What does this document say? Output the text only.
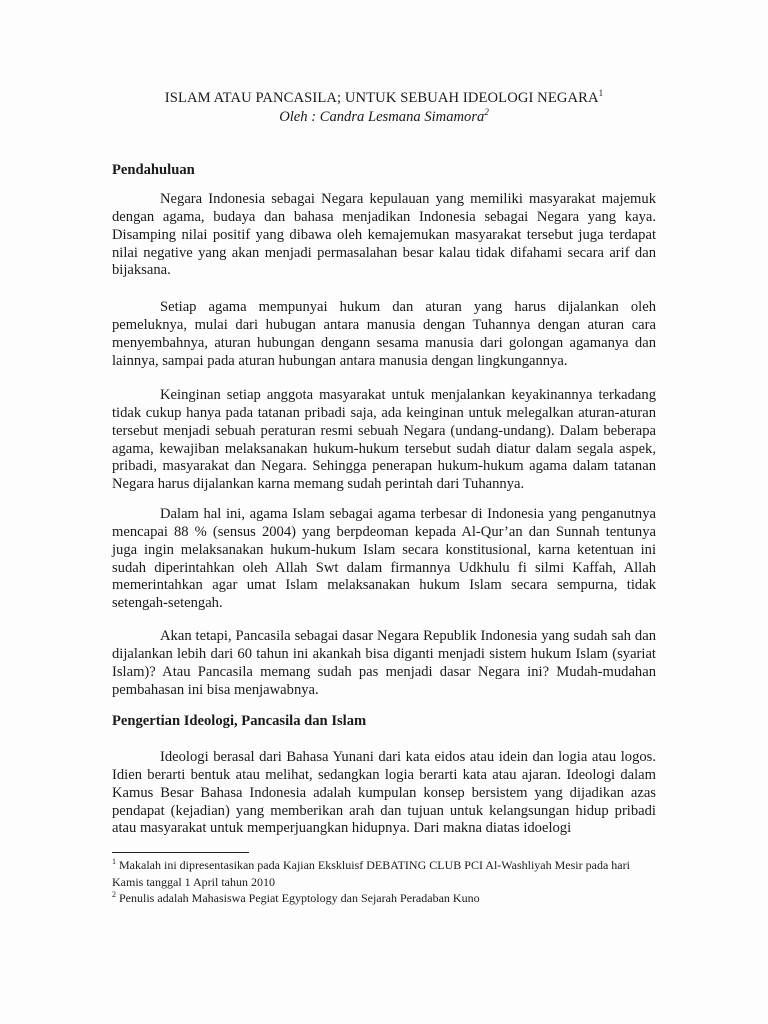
ISLAM ATAU PANCASILA; UNTUK SEBUAH IDEOLOGI NEGARA$^1$

Oleh : Candra Lesmana Simamora$^2$

Pendahuluan

Negara Indonesia sebagai Negara kepulauan yang memiliki masyarakat majemuk dengan agama, budaya dan bahasa menjadikan Indonesia sebagai Negara yang kaya. Disamping nilai positif yang dibawa oleh kemajemukan masyarakat tersebut juga terdapat nilai negative yang akan menjadi permasalahan besar kalau tidak difahami secara arif dan bijaksana.

Setiap agama mempunyai hukum dan aturan yang harus dijalankan oleh pemeluknya, mulai dari hubugan antara manusia dengan Tuhannya dengan aturan cara menyembahnya, aturan hubungan dengann sesama manusia dari golongan agamanya dan lainnya, sampai pada aturan hubungan antara manusia dengan lingkungannya.

Keinginan setiap anggota masyarakat untuk menjalankan keyakinannya terkadang tidak cukup hanya pada tatanan pribadi saja, ada keinginan untuk melegalkan aturan-aturan tersebut menjadi sebuah peraturan resmi sebuah Negara (undang-undang). Dalam beberapa agama, kewajiban melaksanakan hukum-hukum tersebut sudah diatur dalam segala aspek, pribadi, masyarakat dan Negara. Sehingga penerapan hukum-hukum agama dalam tatanan Negara harus dijalankan karna memang sudah perintah dari Tuhannya.

Dalam hal ini, agama Islam sebagai agama terbesar di Indonesia yang penganutnya mencapai 88 % (sensus 2004) yang berpdeoman kepada Al-Qur’an dan Sunnah tentunya juga ingin melaksanakan hukum-hukum Islam secara konstitusional, karna ketentuan ini sudah diperintahkan oleh Allah Swt dalam firmannya Udkhulu fi silmi Kaffah, Allah memerintahkan agar umat Islam melaksanakan hukum Islam secara sempurna, tidak setengah-setengah.

Akan tetapi, Pancasila sebagai dasar Negara Republik Indonesia yang sudah sah dan dijalankan lebih dari 60 tahun ini akankah bisa diganti menjadi sistem hukum Islam (syariat Islam)? Atau Pancasila memang sudah pas menjadi dasar Negara ini? Mudah-mudahan pembahasan ini bisa menjawabnya.

Pengertian Ideologi, Pancasila dan Islam

Ideologi berasal dari Bahasa Yunani dari kata eidos atau idein dan logia atau logos. Idien berarti bentuk atau melihat, sedangkan logia berarti kata atau ajaran. Ideologi dalam Kamus Besar Bahasa Indonesia adalah kumpulan konsep bersistem yang dijadikan azas pendapat (kejadian) yang memberikan arah dan tujuan untuk kelangsungan hidup pribadi atau masyarakat untuk memperjuangkan hidupnya. Dari makna diatas idoelogi

$^1$ Makalah ini dipresentasikan pada Kajian Ekskluisf DEBATING CLUB PCI Al-Washliyah Mesir pada hari Kamis tanggal 1 April tahun 2010
$^2$ Penulis adalah Mahasiswa Pegiat Egyptology dan Sejarah Peradaban Kuno
